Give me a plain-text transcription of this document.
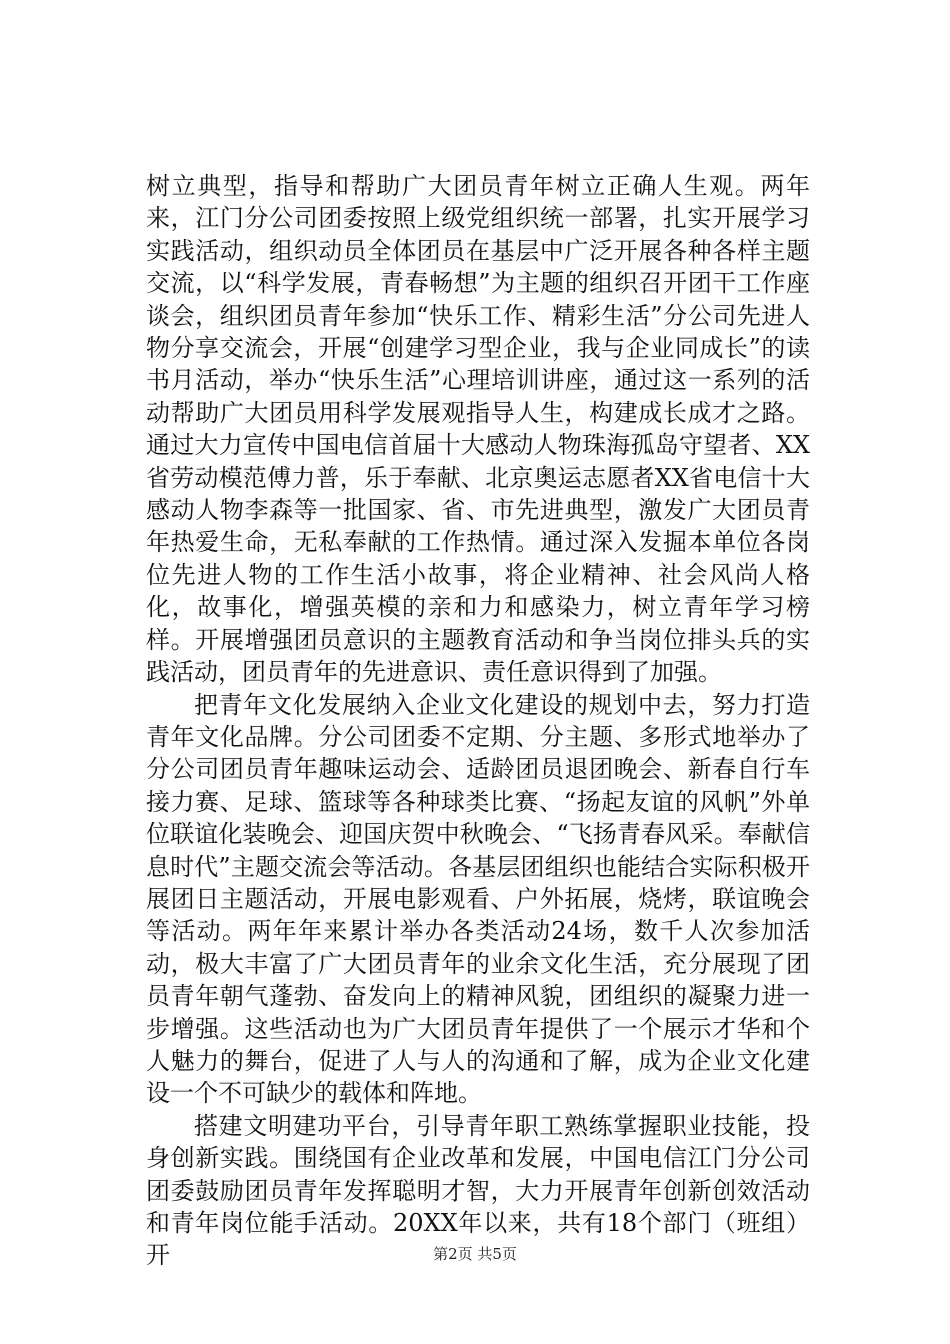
树立典型，指导和帮助广大团员青年树立正确人生观。两年来，江门分公司团委按照上级党组织统一部署，扎实开展学习实践活动，组织动员全体团员在基层中广泛开展各种各样主题交流，以“科学发展，青春畅想”为主题的组织召开团干工作座谈会，组织团员青年参加“快乐工作、精彩生活”分公司先进人物分享交流会，开展“创建学习型企业，我与企业同成长”的读书月活动，举办“快乐生活”心理培训讲座，通过这一系列的活动帮助广大团员用科学发展观指导人生，构建成长成才之路。通过大力宣传中国电信首届十大感动人物珠海孤岛守望者、XX省劳动模范傅力普，乐于奉献、北京奥运志愿者XX省电信十大感动人物李森等一批国家、省、市先进典型，激发广大团员青年热爱生命，无私奉献的工作热情。通过深入发掘本单位各岗位先进人物的工作生活小故事，将企业精神、社会风尚人格化，故事化，增强英模的亲和力和感染力，树立青年学习榜样。开展增强团员意识的主题教育活动和争当岗位排头兵的实践活动，团员青年的先进意识、责任意识得到了加强。

把青年文化发展纳入企业文化建设的规划中去，努力打造青年文化品牌。分公司团委不定期、分主题、多形式地举办了分公司团员青年趣味运动会、适龄团员退团晚会、新春自行车接力赛、足球、篮球等各种球类比赛、“扬起友谊的风帆”外单位联谊化装晚会、迎国庆贺中秋晚会、“飞扬青春风采。奉献信息时代”主题交流会等活动。各基层团组织也能结合实际积极开展团日主题活动，开展电影观看、户外拓展，烧烤，联谊晚会等活动。两年年来累计举办各类活动24场，数千人次参加活动，极大丰富了广大团员青年的业余文化生活，充分展现了团员青年朝气蓬勃、奋发向上的精神风貌，团组织的凝聚力进一步增强。这些活动也为广大团员青年提供了一个展示才华和个人魅力的舞台，促进了人与人的沟通和了解，成为企业文化建设一个不可缺少的载体和阵地。

搭建文明建功平台，引导青年职工熟练掌握职业技能，投身创新实践。围绕国有企业改革和发展，中国电信江门分公司团委鼓励团员青年发挥聪明才智，大力开展青年创新创效活动和青年岗位能手活动。20XX年以来，共有18个部门（班组）开	第2页 共5页
